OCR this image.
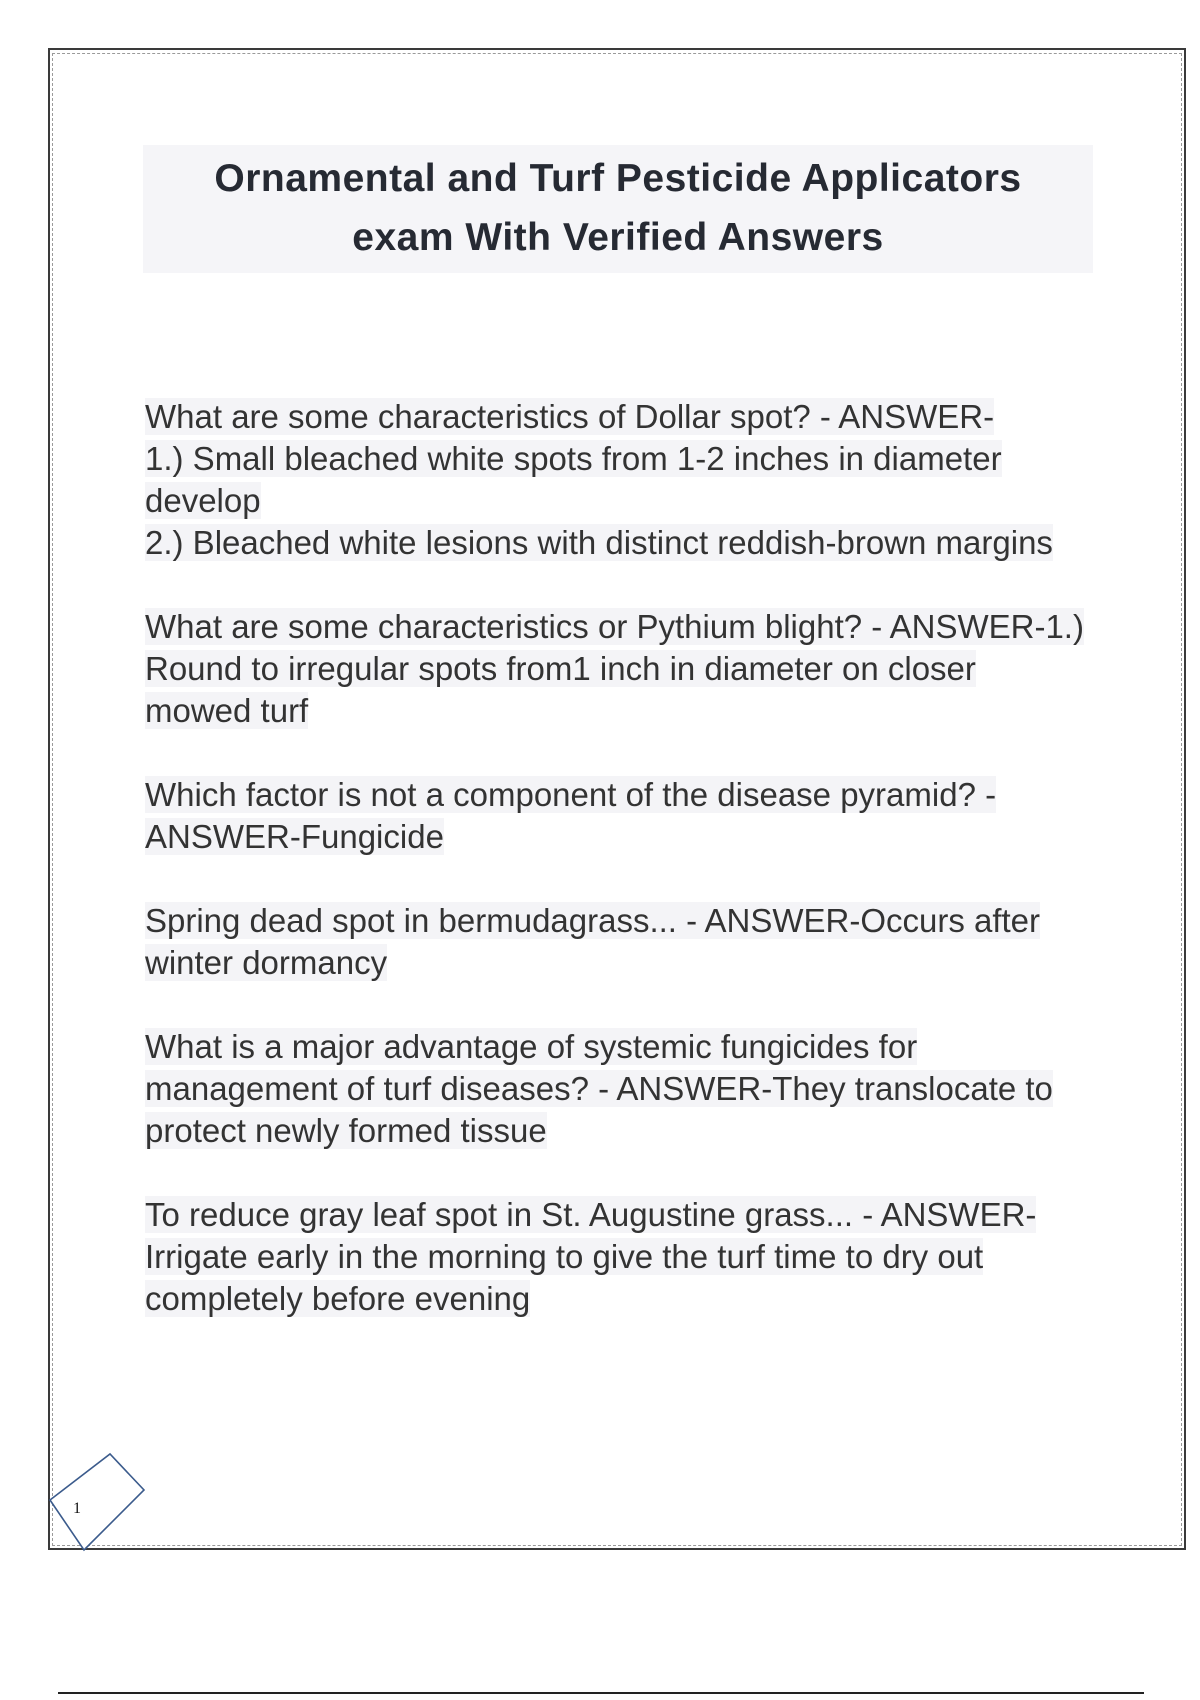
Ornamental and Turf Pesticide Applicators
exam With Verified Answers
What are some characteristics of Dollar spot? - ANSWER-
1.) Small bleached white spots from 1-2 inches in diameter develop
2.) Bleached white lesions with distinct reddish-brown margins
What are some characteristics or Pythium blight? - ANSWER-1.) Round to irregular spots from1 inch in diameter on closer mowed turf
Which factor is not a component of the disease pyramid? - ANSWER-Fungicide
Spring dead spot in bermudagrass... - ANSWER-Occurs after winter dormancy
What is a major advantage of systemic fungicides for management of turf diseases? - ANSWER-They translocate to protect newly formed tissue
To reduce gray leaf spot in St. Augustine grass... - ANSWER-Irrigate early in the morning to give the turf time to dry out completely before evening
1
